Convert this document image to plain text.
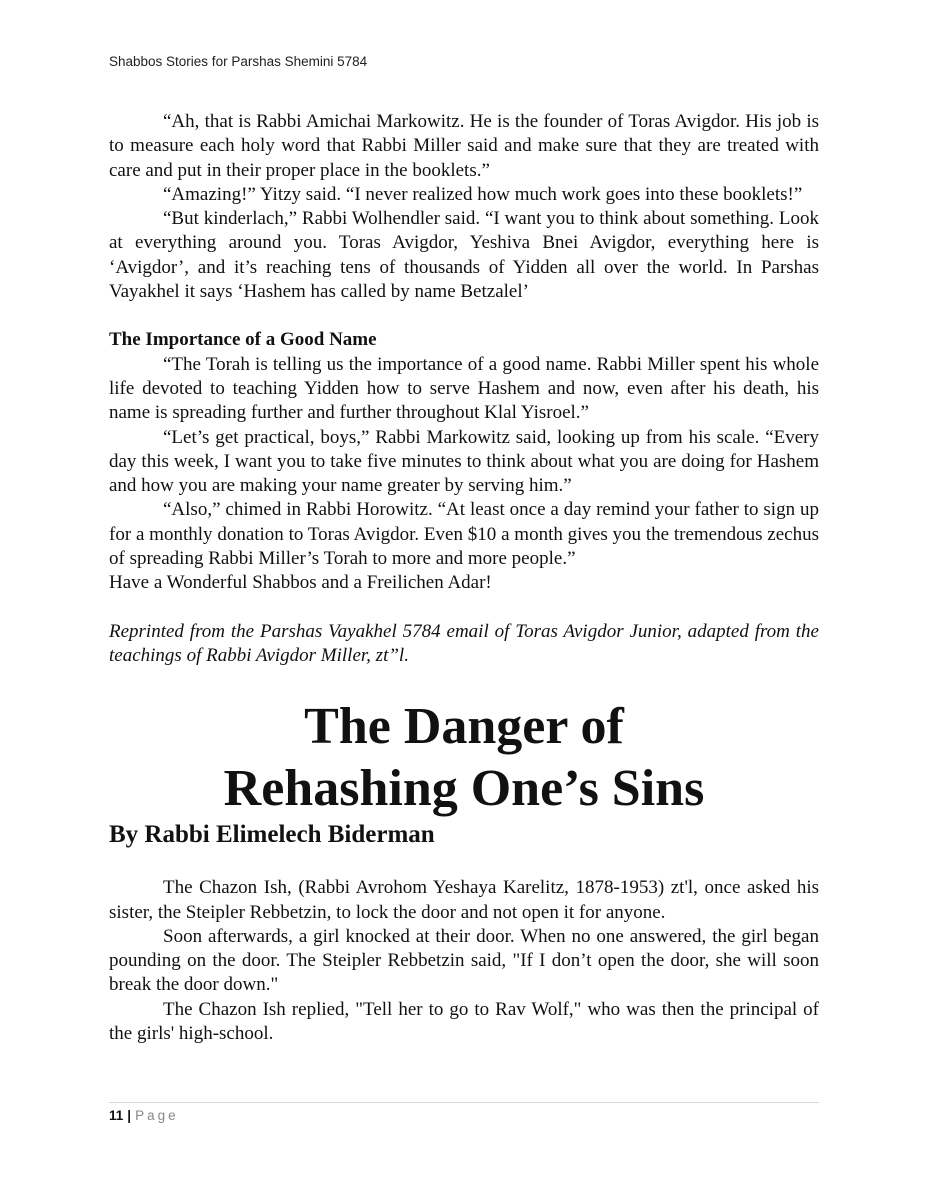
Shabbos Stories for Parshas Shemini 5784

“Ah, that is Rabbi Amichai Markowitz. He is the founder of Toras Avigdor. His job is to measure each holy word that Rabbi Miller said and make sure that they are treated with care and put in their proper place in the booklets.”

“Amazing!” Yitzy said. “I never realized how much work goes into these booklets!”

“But kinderlach,” Rabbi Wolhendler said. “I want you to think about something. Look at everything around you. Toras Avigdor, Yeshiva Bnei Avigdor, everything here is ‘Avigdor’, and it’s reaching tens of thousands of Yidden all over the world. In Parshas Vayakhel it says ‘Hashem has called by name Betzalel’

The Importance of a Good Name

“The Torah is telling us the importance of a good name. Rabbi Miller spent his whole life devoted to teaching Yidden how to serve Hashem and now, even after his death, his name is spreading further and further throughout Klal Yisroel.”

“Let’s get practical, boys,” Rabbi Markowitz said, looking up from his scale. “Every day this week, I want you to take five minutes to think about what you are doing for Hashem and how you are making your name greater by serving him.”

“Also,” chimed in Rabbi Horowitz. “At least once a day remind your father to sign up for a monthly donation to Toras Avigdor. Even $10 a month gives you the tremendous zechus of spreading Rabbi Miller’s Torah to more and more people.”

Have a Wonderful Shabbos and a Freilichen Adar!

Reprinted from the Parshas Vayakhel 5784 email of Toras Avigdor Junior, adapted from the teachings of Rabbi Avigdor Miller, zt”l.

The Danger of
Rehashing One’s Sins

By Rabbi Elimelech Biderman

The Chazon Ish, (Rabbi Avrohom Yeshaya Karelitz, 1878-1953) zt'l, once asked his sister, the Steipler Rebbetzin, to lock the door and not open it for anyone.

Soon afterwards, a girl knocked at their door. When no one answered, the girl began pounding on the door. The Steipler Rebbetzin said, "If I don’t open the door, she will soon break the door down."

The Chazon Ish replied, "Tell her to go to Rav Wolf," who was then the principal of the girls' high-school.

11 | Page
